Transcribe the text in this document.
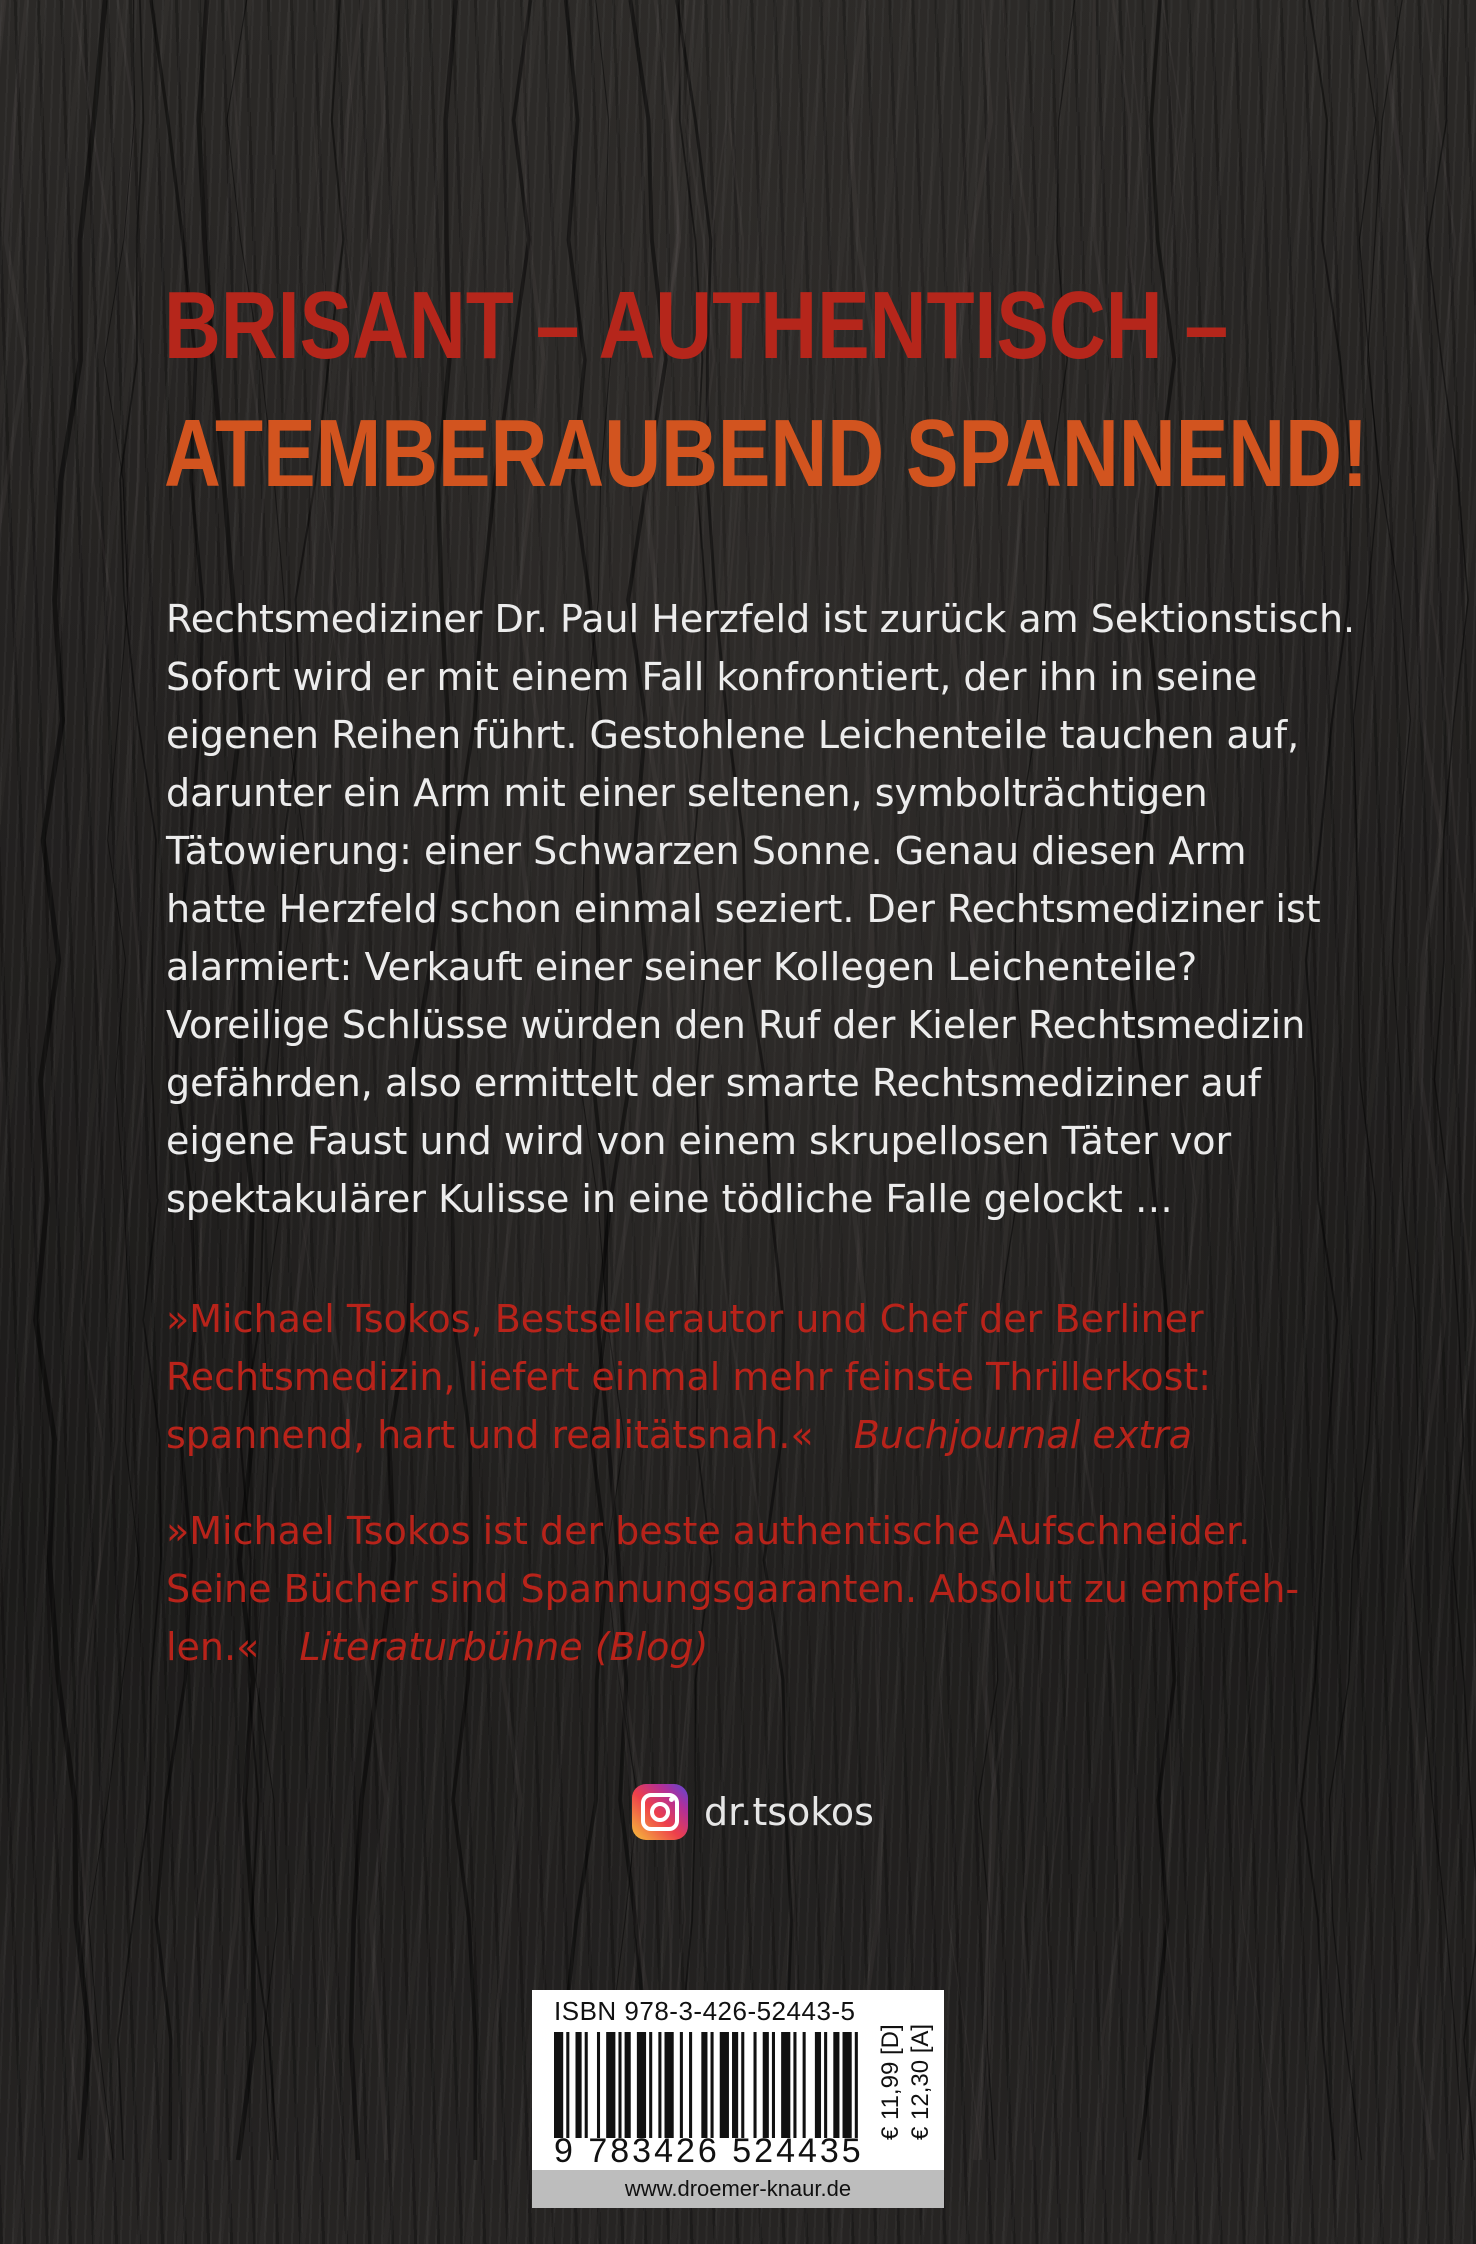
BRISANT – AUTHENTISCH –
ATEMBERAUBEND SPANNEND!
Rechtsmediziner Dr. Paul Herzfeld ist zurück am Sektionstisch.
Sofort wird er mit einem Fall konfrontiert, der ihn in seine
eigenen Reihen führt. Gestohlene Leichenteile tauchen auf,
darunter ein Arm mit einer seltenen, symbolträchtigen
Tätowierung: einer Schwarzen Sonne. Genau diesen Arm
hatte Herzfeld schon einmal seziert. Der Rechtsmediziner ist
alarmiert: Verkauft einer seiner Kollegen Leichenteile?
Voreilige Schlüsse würden den Ruf der Kieler Rechtsmedizin
gefährden, also ermittelt der smarte Rechtsmediziner auf
eigene Faust und wird von einem skrupellosen Täter vor
spektakulärer Kulisse in eine tödliche Falle gelockt …
»Michael Tsokos, Bestsellerautor und Chef der Berliner
Rechtsmedizin, liefert einmal mehr feinste Thrillerkost:
spannend, hart und realitätsnah.« Buchjournal extra
»Michael Tsokos ist der beste authentische Aufschneider.
Seine Bücher sind Spannungsgaranten. Absolut zu empfeh-
len.« Literaturbühne (Blog)
dr.tsokos
ISBN 978-3-426-52443-5
9 783426 524435
€ 11,99 [D] € 12,30 [A]
www.droemer-knaur.de
